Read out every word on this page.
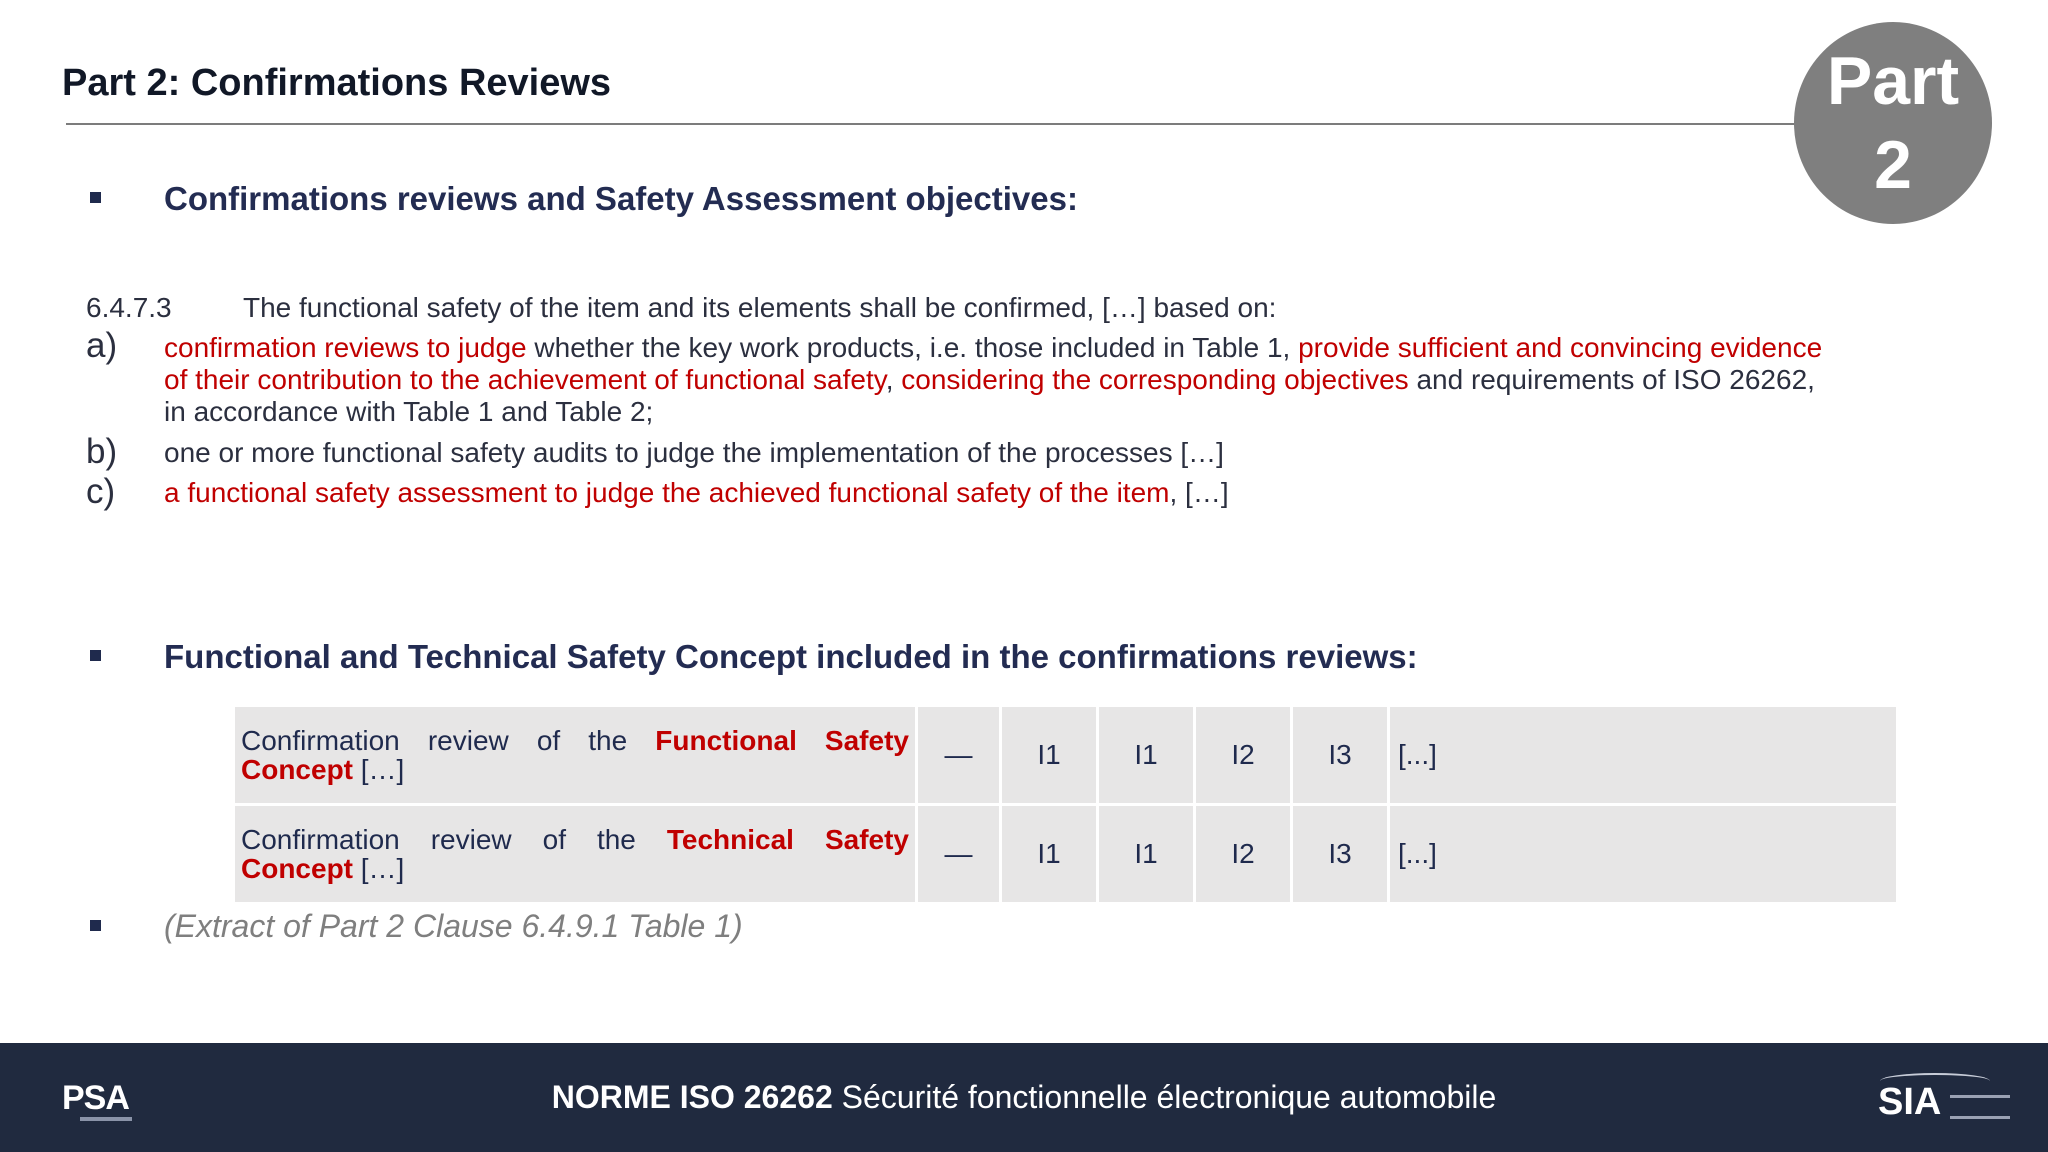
Part 2: Confirmations Reviews	Part
2
Confirmations reviews and Safety Assessment objectives:
6.4.7.3	The functional safety of the item and its elements shall be confirmed, […] based on:
a) confirmation reviews to judge whether the key work products, i.e. those included in Table 1, provide sufficient and convincing evidence
of their contribution to the achievement of functional safety, considering the corresponding objectives and requirements of ISO 26262,
in accordance with Table 1 and Table 2;
b) one or more functional safety audits to judge the implementation of the processes […]
c) a functional safety assessment to judge the achieved functional safety of the item, […]
Functional and Technical Safety Concept included in the confirmations reviews:
Confirmation review of the Functional Safety
Concept […]	—	I1	I1	I2	I3	[...]
Confirmation review of the Technical Safety
Concept […]	—	I1	I1	I2	I3	[...]
(Extract of Part 2 Clause 6.4.9.1 Table 1)
PSA	NORME ISO 26262 Sécurité fonctionnelle électronique automobile	SIA
